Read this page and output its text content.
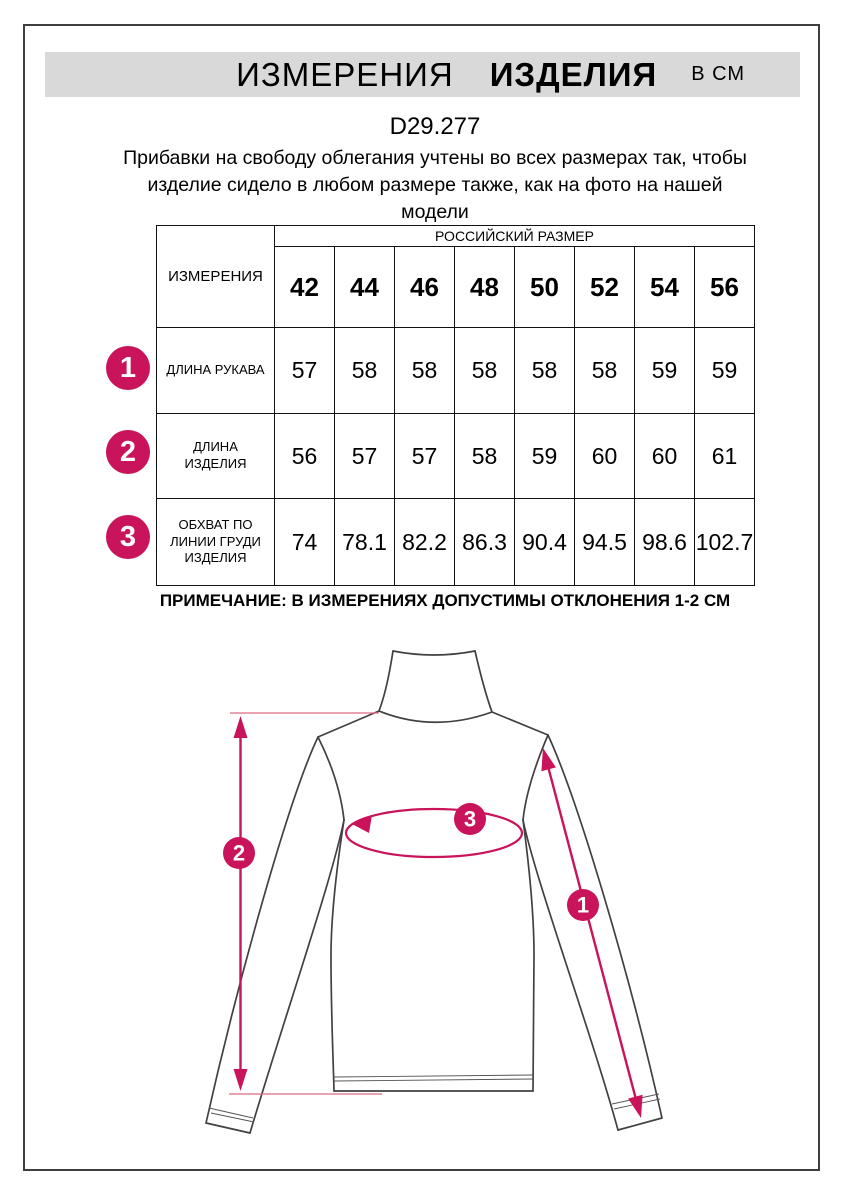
ИЗМЕРЕНИЯ ИЗДЕЛИЯ В СМ
D29.277
Прибавки на свободу облегания учтены во всех размерах так, чтобы
изделие сидело в любом размере также, как на фото на нашей
модели
ИЗМЕРЕНИЯ	РОССИЙСКИЙ РАЗМЕР							
	42	44	46	48	50	52	54	56

ДЛИНА РУКАВА	57	58	58	58	58	58	59	59

ДЛИНА ИЗДЕЛИЯ	56	57	57	58	59	60	60	61

ОБХВАТ ПО ЛИНИИ ГРУДИ ИЗДЕЛИЯ	74	78.1	82.2	86.3	90.4	94.5	98.6	102.7
1
2
3
ПРИМЕЧАНИЕ: В ИЗМЕРЕНИЯХ ДОПУСТИМЫ ОТКЛОНЕНИЯ 1-2 СМ
2
3
1
